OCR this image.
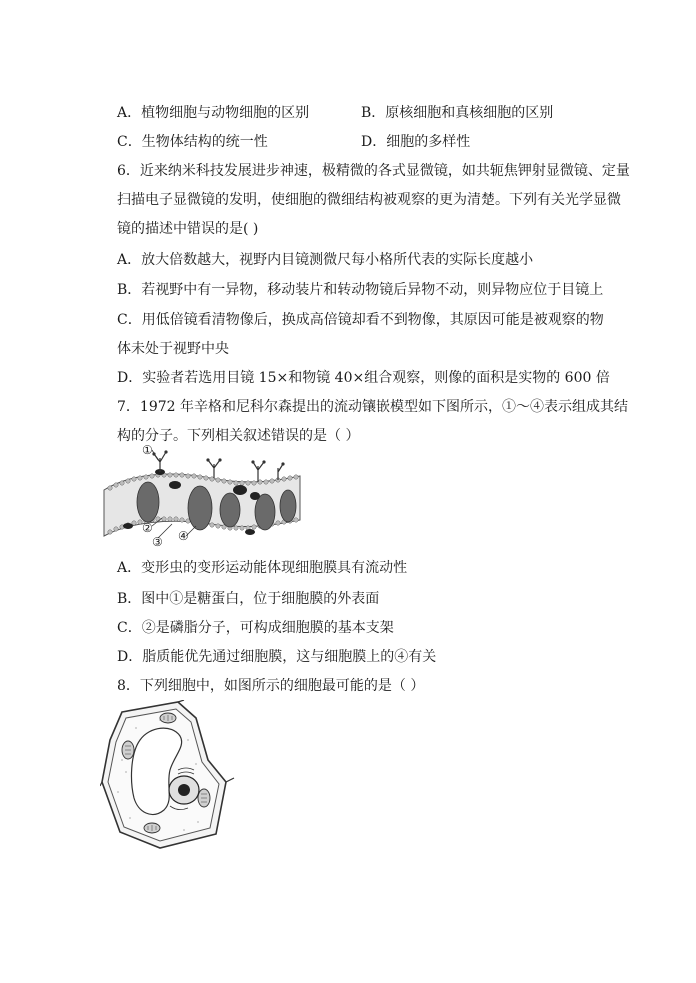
A．植物细胞与动物细胞的区别	B．原核细胞和真核细胞的区别
C．生物体结构的统一性	D．细胞的多样性
6．近来纳米科技发展进步神速，极精微的各式显微镜，如共轭焦钾射显微镜、定量
扫描电子显微镜的发明，使细胞的微细结构被观察的更为清楚。下列有关光学显微
镜的描述中错误的是( )
A．放大倍数越大，视野内目镜测微尺每小格所代表的实际长度越小
B．若视野中有一异物，移动装片和转动物镜后异物不动，则异物应位于目镜上
C．用低倍镜看清物像后，换成高倍镜却看不到物像，其原因可能是被观察的物
体未处于视野中央
D．实验者若选用目镜 15×和物镜 40×组合观察，则像的面积是实物的 600 倍
7．1972 年辛格和尼科尔森提出的流动镶嵌模型如下图所示，①～④表示组成其结
构的分子。下列相关叙述错误的是（ ）
①
②
③ ④
A．变形虫的变形运动能体现细胞膜具有流动性
B．图中①是糖蛋白，位于细胞膜的外表面
C．②是磷脂分子，可构成细胞膜的基本支架
D．脂质能优先通过细胞膜，这与细胞膜上的④有关
8．下列细胞中，如图所示的细胞最可能的是（ ）
